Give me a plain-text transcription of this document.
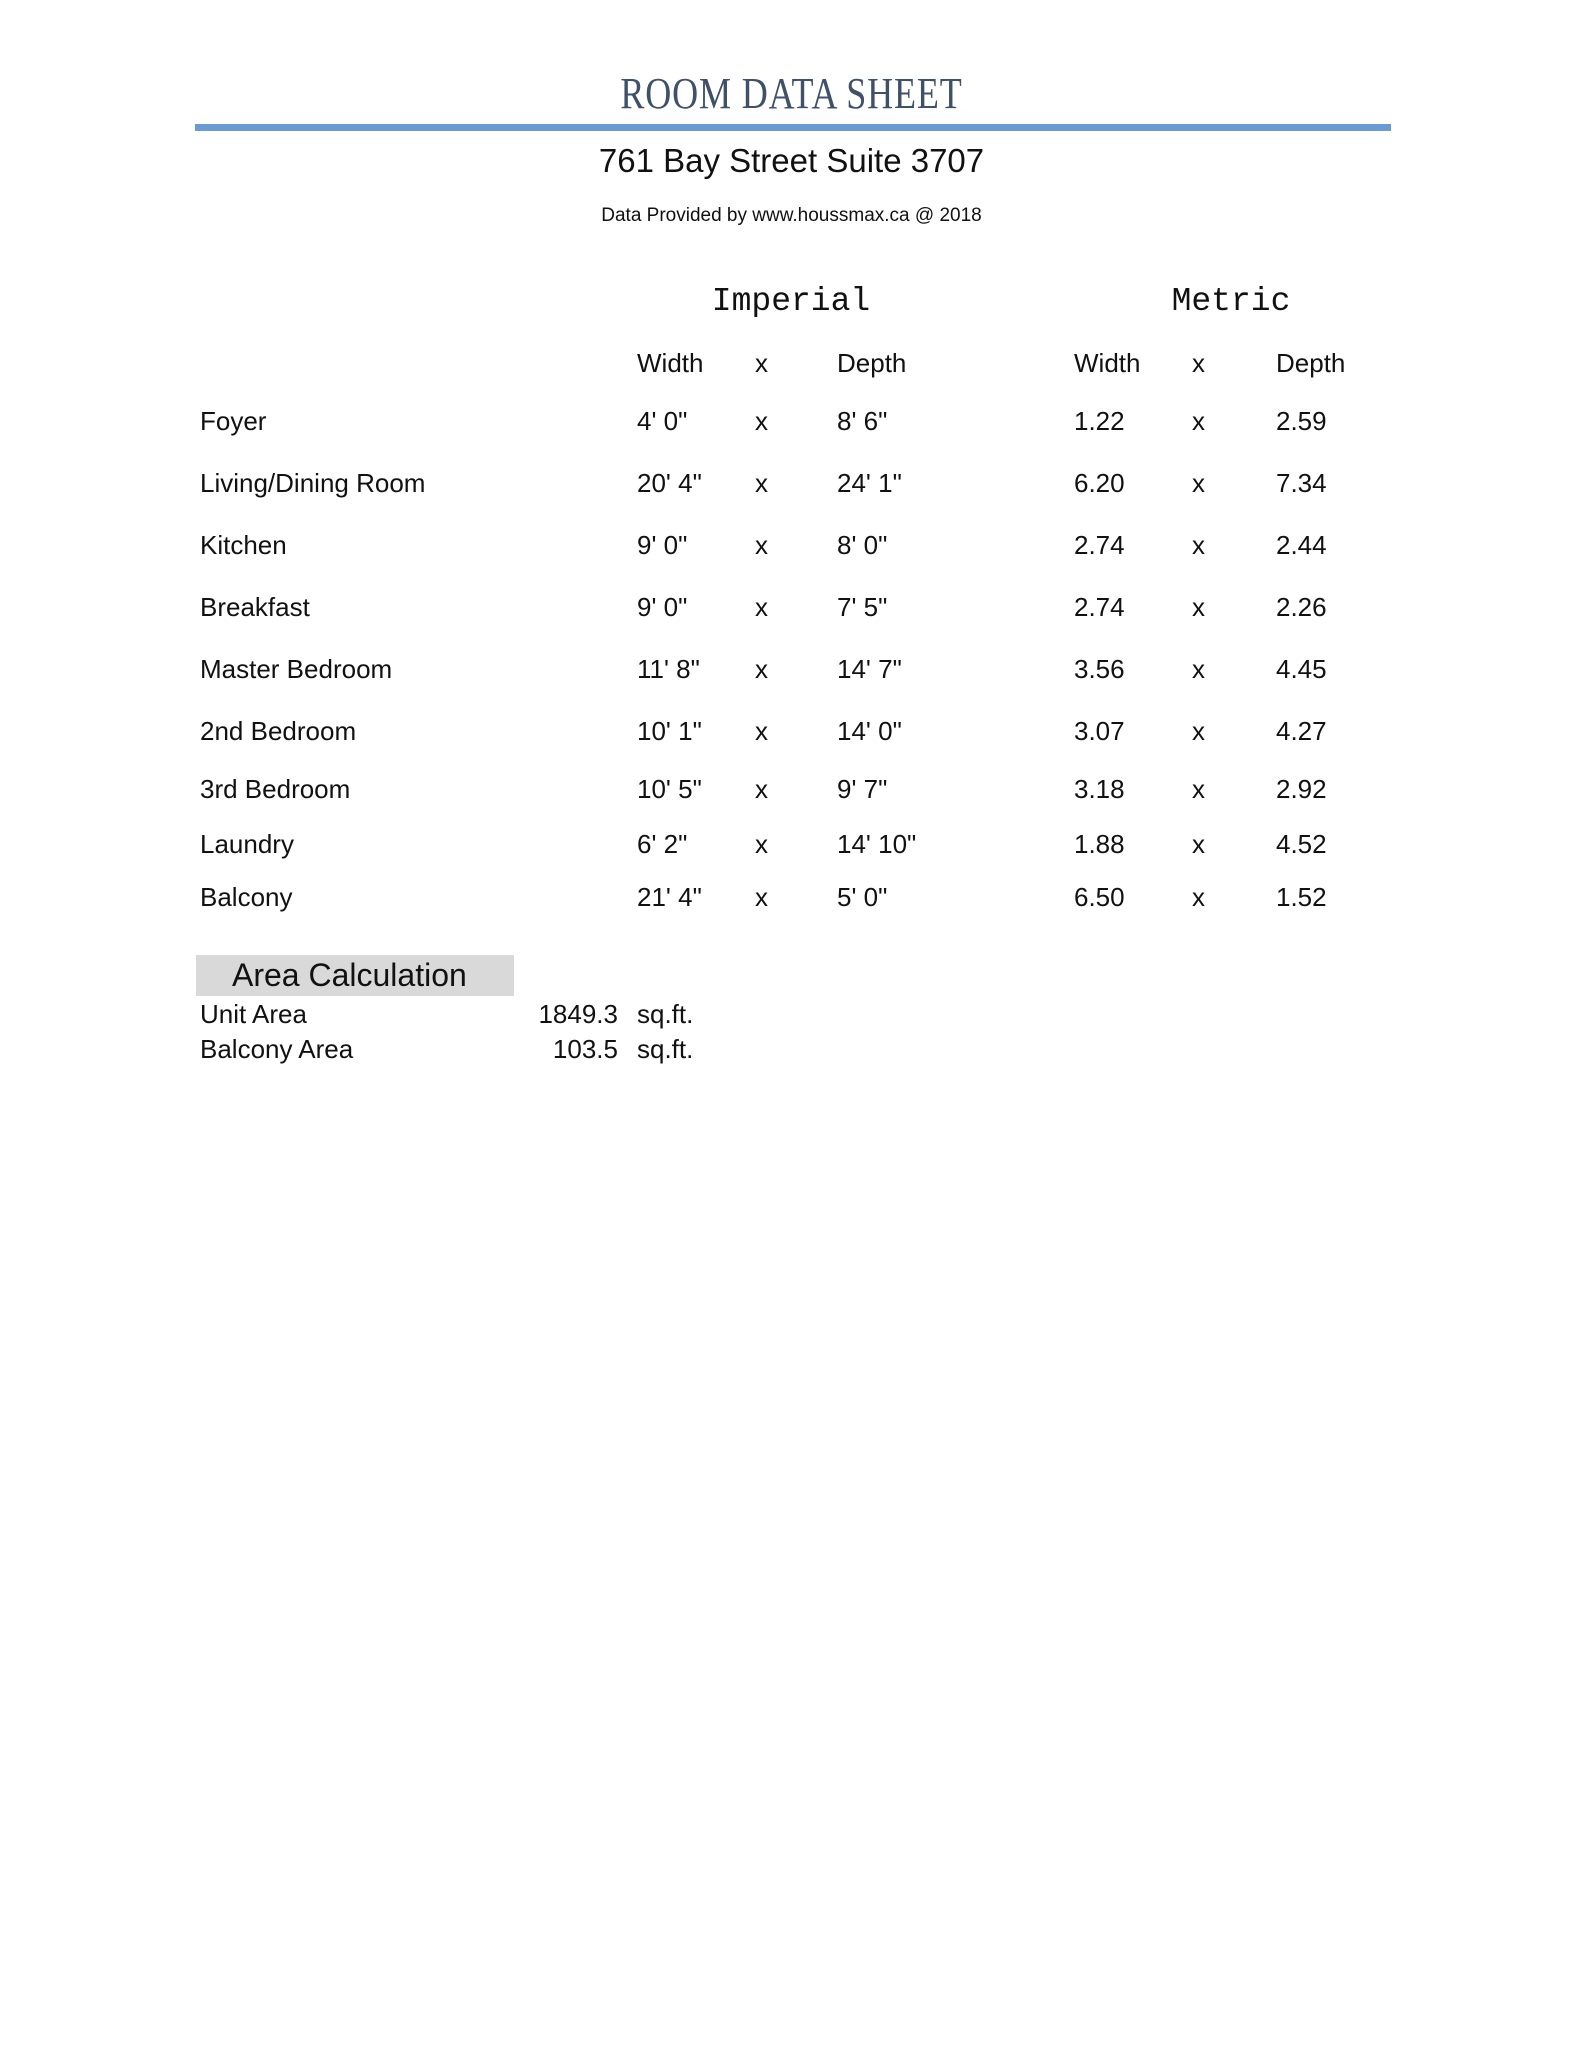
ROOM DATA SHEET
761 Bay Street Suite 3707
Data Provided by www.houssmax.ca @ 2018
Imperial	Metric
Width x	Depth	Width x	Depth
Foyer	4' 0"	x	8' 6"	1.22	x	2.59
Living/Dining Room	20' 4" x	24' 1"	6.20	x	7.34
Kitchen	9' 0"	x	8' 0"	2.74	x	2.44
Breakfast	9' 0"	x	7' 5"	2.74	x	2.26
Master Bedroom	11' 8" x	14' 7"	3.56	x	4.45
2nd Bedroom	10' 1" x	14' 0"	3.07	x	4.27
3rd Bedroom	10' 5" x	9' 7"	3.18	x	2.92
Laundry	6' 2"	x	14' 10"	1.88	x	4.52
Balcony	21' 4" x	5' 0"	6.50	x	1.52
Area Calculation
Unit Area	1849.3 sq.ft.
Balcony Area	103.5 sq.ft.
